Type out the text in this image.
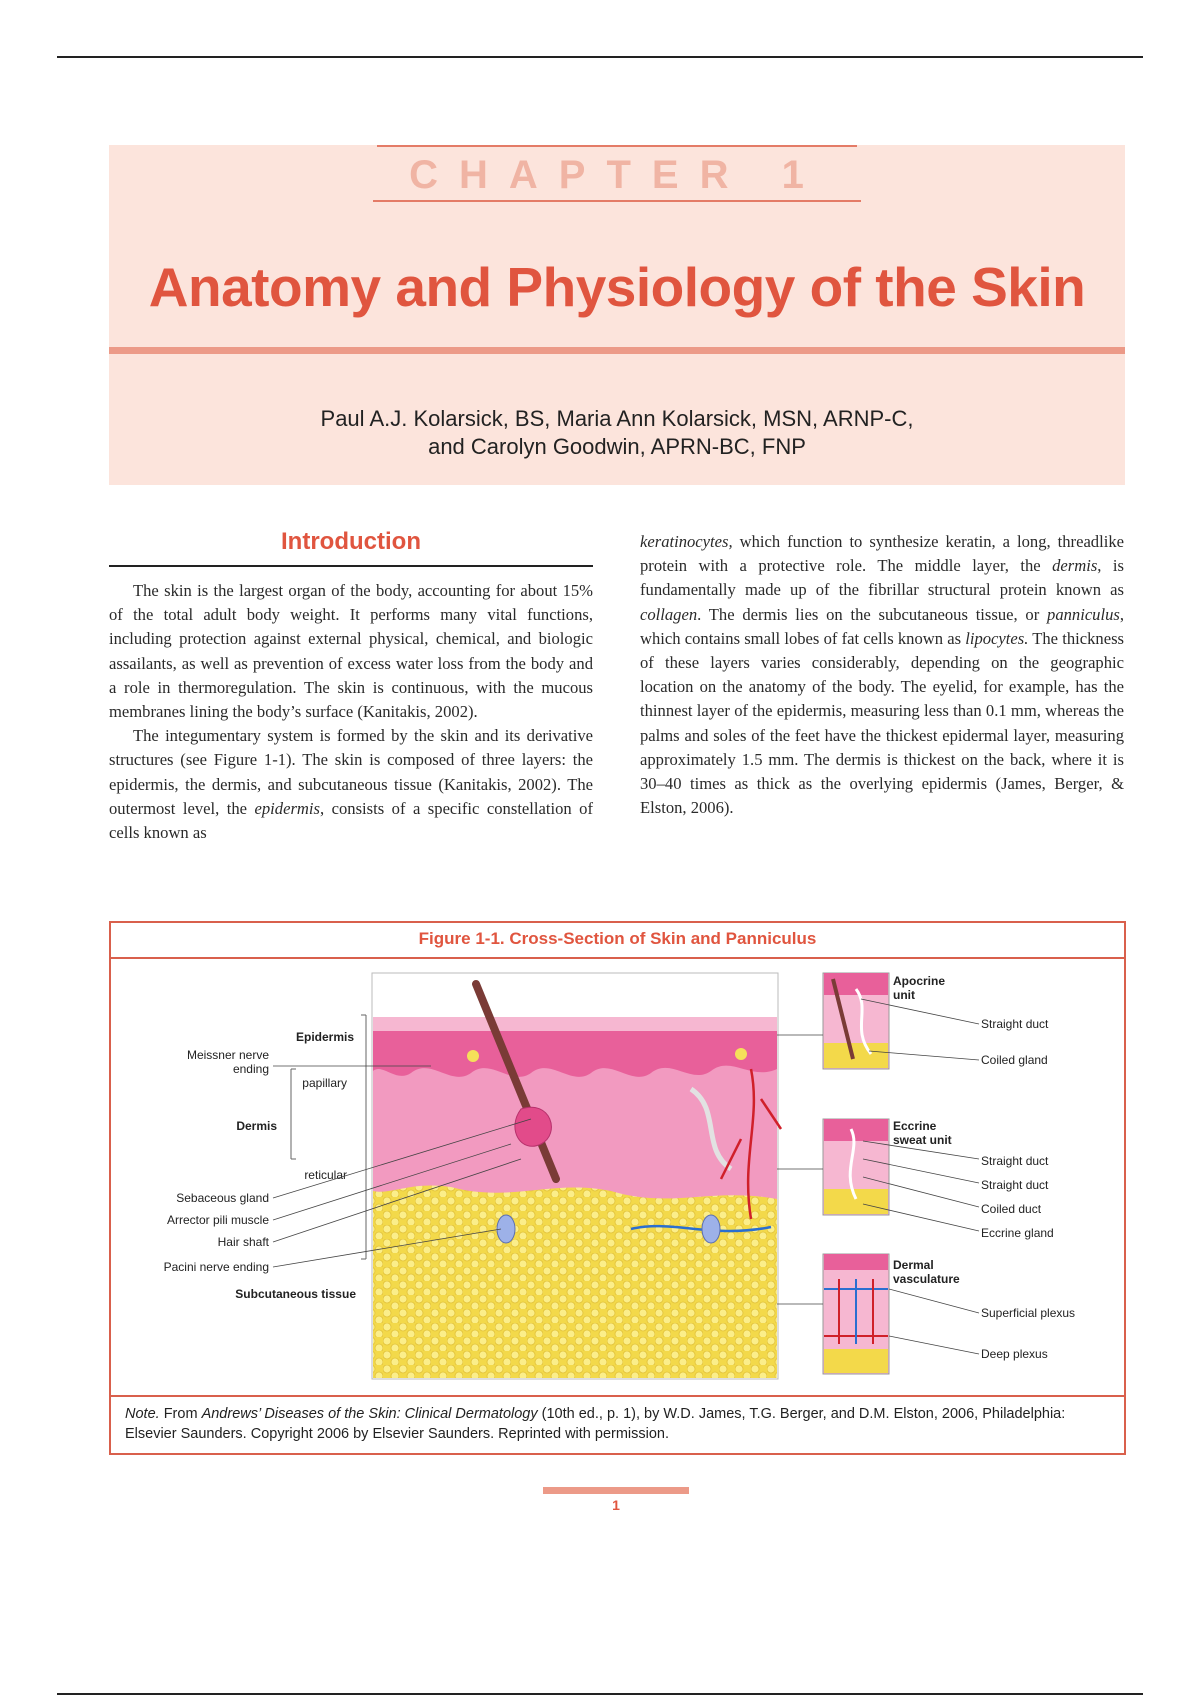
CHAPTER 1
Anatomy and Physiology of the Skin
Paul A.J. Kolarsick, BS, Maria Ann Kolarsick, MSN, ARNP-C,
and Carolyn Goodwin, APRN-BC, FNP
Introduction

The skin is the largest organ of the body, accounting for about 15% of the total adult body weight. It performs many vital functions, including protection against external physical, chemical, and biologic assailants, as well as prevention of excess water loss from the body and a role in thermoregulation. The skin is continuous, with the mucous membranes lining the body’s surface (Kanitakis, 2002).

The integumentary system is formed by the skin and its derivative structures (see Figure 1-1). The skin is composed of three layers: the epidermis, the dermis, and subcutaneous tissue (Kanitakis, 2002). The outermost level, the epidermis, consists of a specific constellation of cells known as

keratinocytes, which function to synthesize keratin, a long, threadlike protein with a protective role. The middle layer, the dermis, is fundamentally made up of the fibrillar structural protein known as collagen. The dermis lies on the subcutaneous tissue, or panniculus, which contains small lobes of fat cells known as lipocytes. The thickness of these layers varies considerably, depending on the geographic location on the anatomy of the body. The eyelid, for example, has the thinnest layer of the epidermis, measuring less than 0.1 mm, whereas the palms and soles of the feet have the thickest epidermal layer, measuring approximately 1.5 mm. The dermis is thickest on the back, where it is 30–40 times as thick as the overlying epidermis (James, Berger, & Elston, 2006).

Figure 1-1. Cross-Section of Skin and Panniculus
Epidermis
papillary
Dermis
reticular
Subcutaneous tissue
Meissner nerve
ending
Sebaceous gland
Arrector pili muscle
Hair shaft
Pacini nerve ending
Apocrine
unit
Eccrine
sweat unit
Dermal
vasculature
Straight duct
Coiled gland
Straight duct
Straight duct
Coiled duct
Eccrine gland
Superficial plexus
Deep plexus
Note. From Andrews’ Diseases of the Skin: Clinical Dermatology (10th ed., p. 1), by W.D. James, T.G. Berger, and D.M. Elston, 2006, Philadelphia: Elsevier Saunders. Copyright 2006 by Elsevier Saunders. Reprinted with permission.
1
